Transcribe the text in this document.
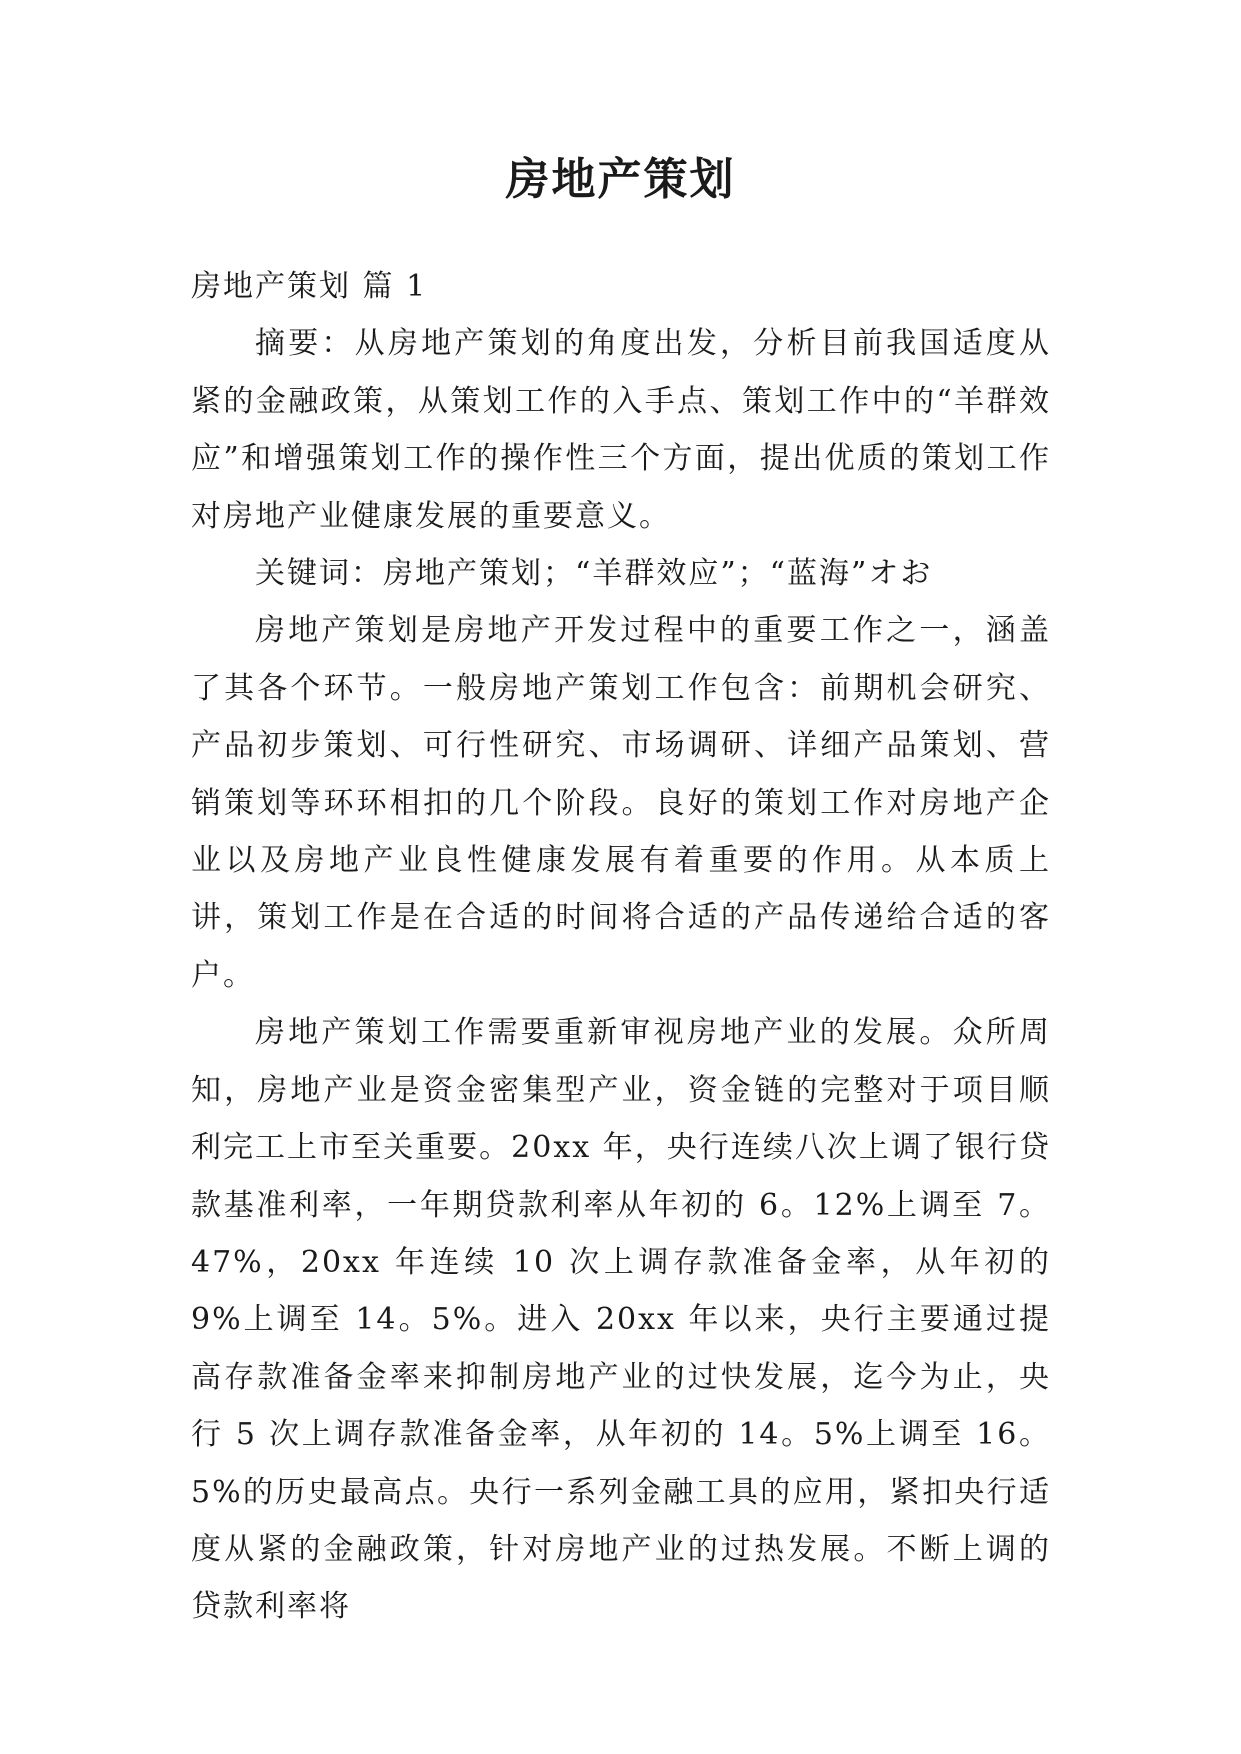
房地产策划

房地产策划 篇 1

摘要：从房地产策划的角度出发，分析目前我国适度从紧的金融政策，从策划工作的入手点、策划工作中的“羊群效应”和增强策划工作的操作性三个方面，提出优质的策划工作对房地产业健康发展的重要意义。

关键词：房地产策划；“羊群效应”；“蓝海”オお

房地产策划是房地产开发过程中的重要工作之一，涵盖了其各个环节。一般房地产策划工作包含：前期机会研究、产品初步策划、可行性研究、市场调研、详细产品策划、营销策划等环环相扣的几个阶段。良好的策划工作对房地产企业以及房地产业良性健康发展有着重要的作用。从本质上讲，策划工作是在合适的时间将合适的产品传递给合适的客户。

房地产策划工作需要重新审视房地产业的发展。众所周知，房地产业是资金密集型产业，资金链的完整对于项目顺利完工上市至关重要。20xx 年，央行连续八次上调了银行贷款基准利率，一年期贷款利率从年初的 6。12%上调至 7。47%，20xx 年连续 10 次上调存款准备金率，从年初的 9%上调至 14。5%。进入 20xx 年以来，央行主要通过提高存款准备金率来抑制房地产业的过快发展，迄今为止，央行 5 次上调存款准备金率，从年初的 14。5%上调至 16。5%的历史最高点。央行一系列金融工具的应用，紧扣央行适度从紧的金融政策，针对房地产业的过热发展。不断上调的贷款利率将
